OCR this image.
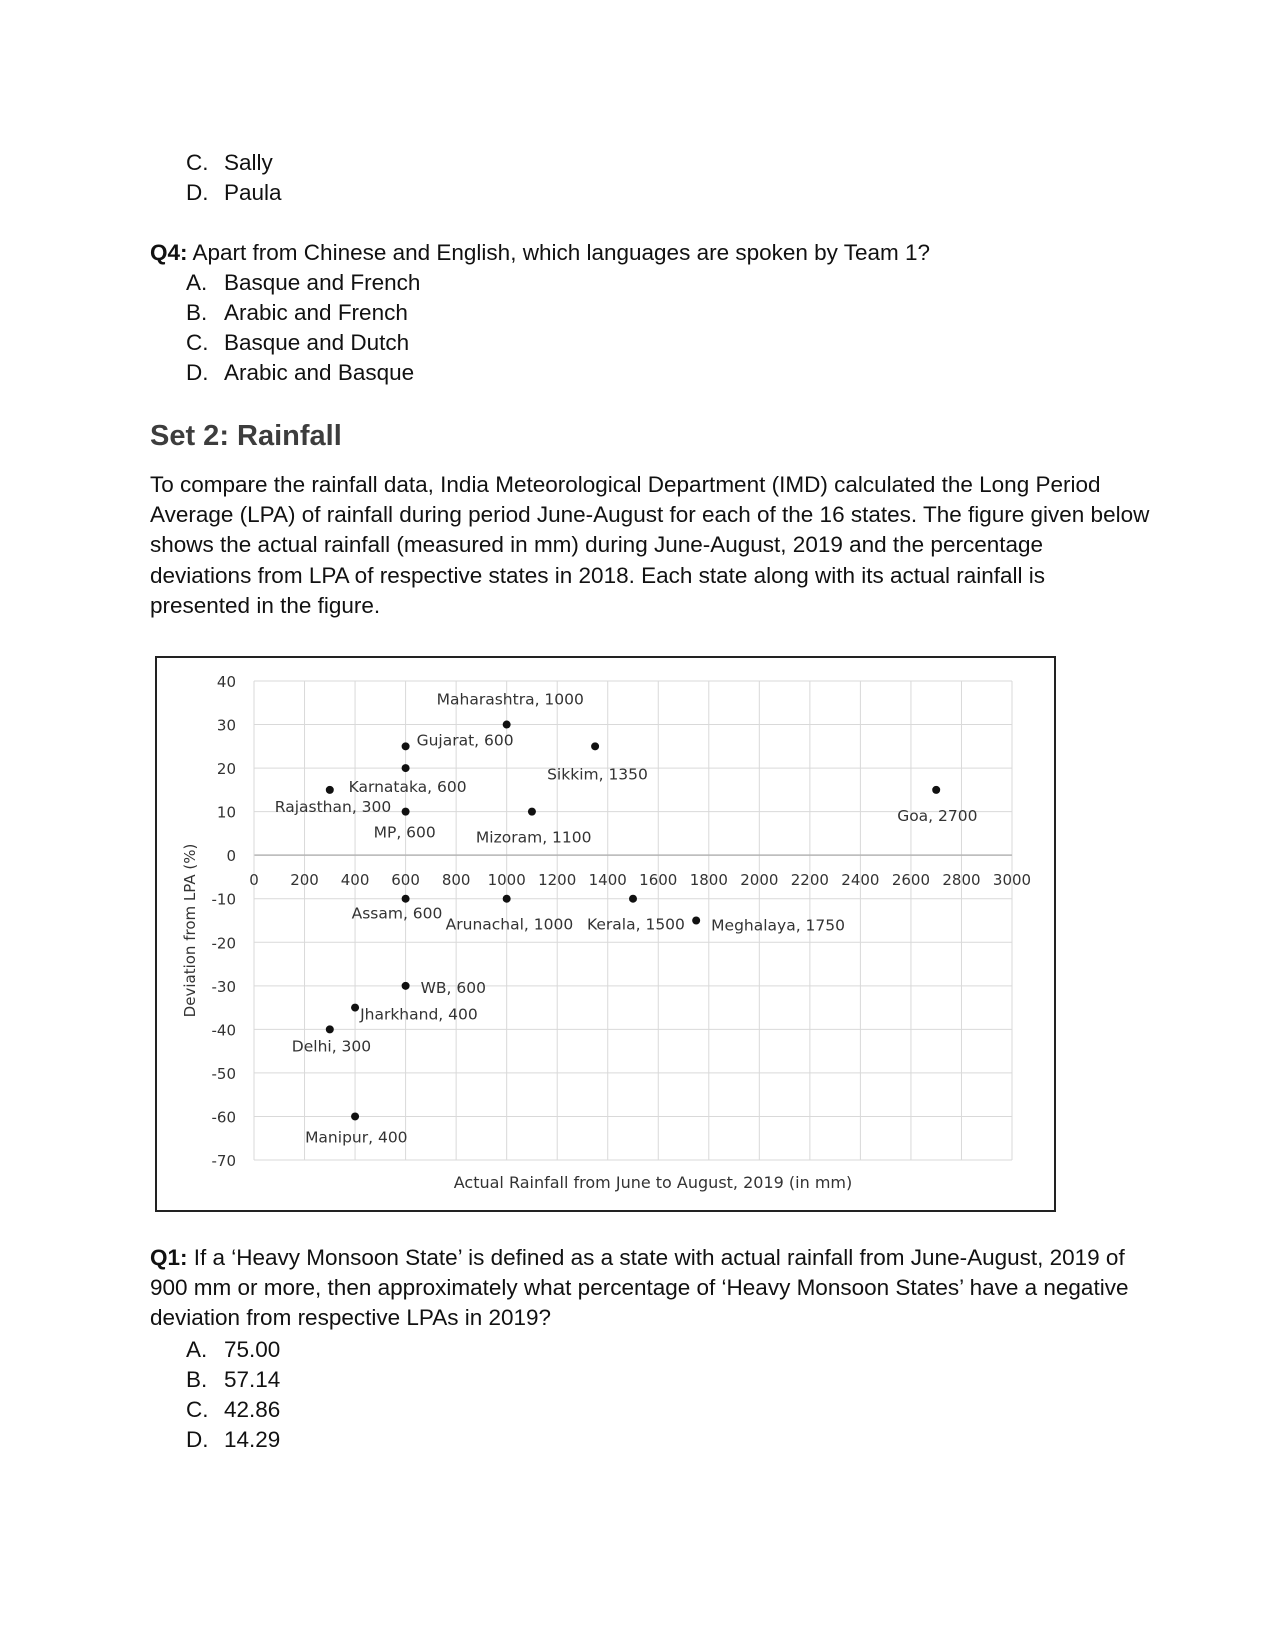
C. Sally
D. Paula
Q4: Apart from Chinese and English, which languages are spoken by Team 1?
A. Basque and French
B. Arabic and French
C. Basque and Dutch
D. Arabic and Basque
Set 2: Rainfall
To compare the rainfall data, India Meteorological Department (IMD) calculated the Long Period Average (LPA) of rainfall during period June-August for each of the 16 states. The figure given below shows the actual rainfall (measured in mm) during June-August, 2019 and the percentage deviations from LPA of respective states in 2018. Each state along with its actual rainfall is presented in the figure.
40
30
20
10
0
-10
-20
-30
-40
-50
-60
-70
0 200 400 600 800 1000 1200 1400 1600 1800 2000 2200 2400 2600 2800 3000
Actual Rainfall from June to August, 2019 (in mm)
Deviation from LPA (%)
Maharashtra, 1000
Gujarat, 600
Sikkim, 1350
Karnataka, 600
Rajasthan, 300	Goa, 2700
MP, 600	Mizoram, 1100
Assam, 600
Arunachal, 1000 Kerala, 1500 Meghalaya, 1750
WB, 600
Jharkhand, 400
Delhi, 300
Manipur, 400
Q1: If a ‘Heavy Monsoon State’ is defined as a state with actual rainfall from June-August, 2019 of 900 mm or more, then approximately what percentage of ‘Heavy Monsoon States’ have a negative deviation from respective LPAs in 2019?
A. 75.00
B. 57.14
C. 42.86
D. 14.29
